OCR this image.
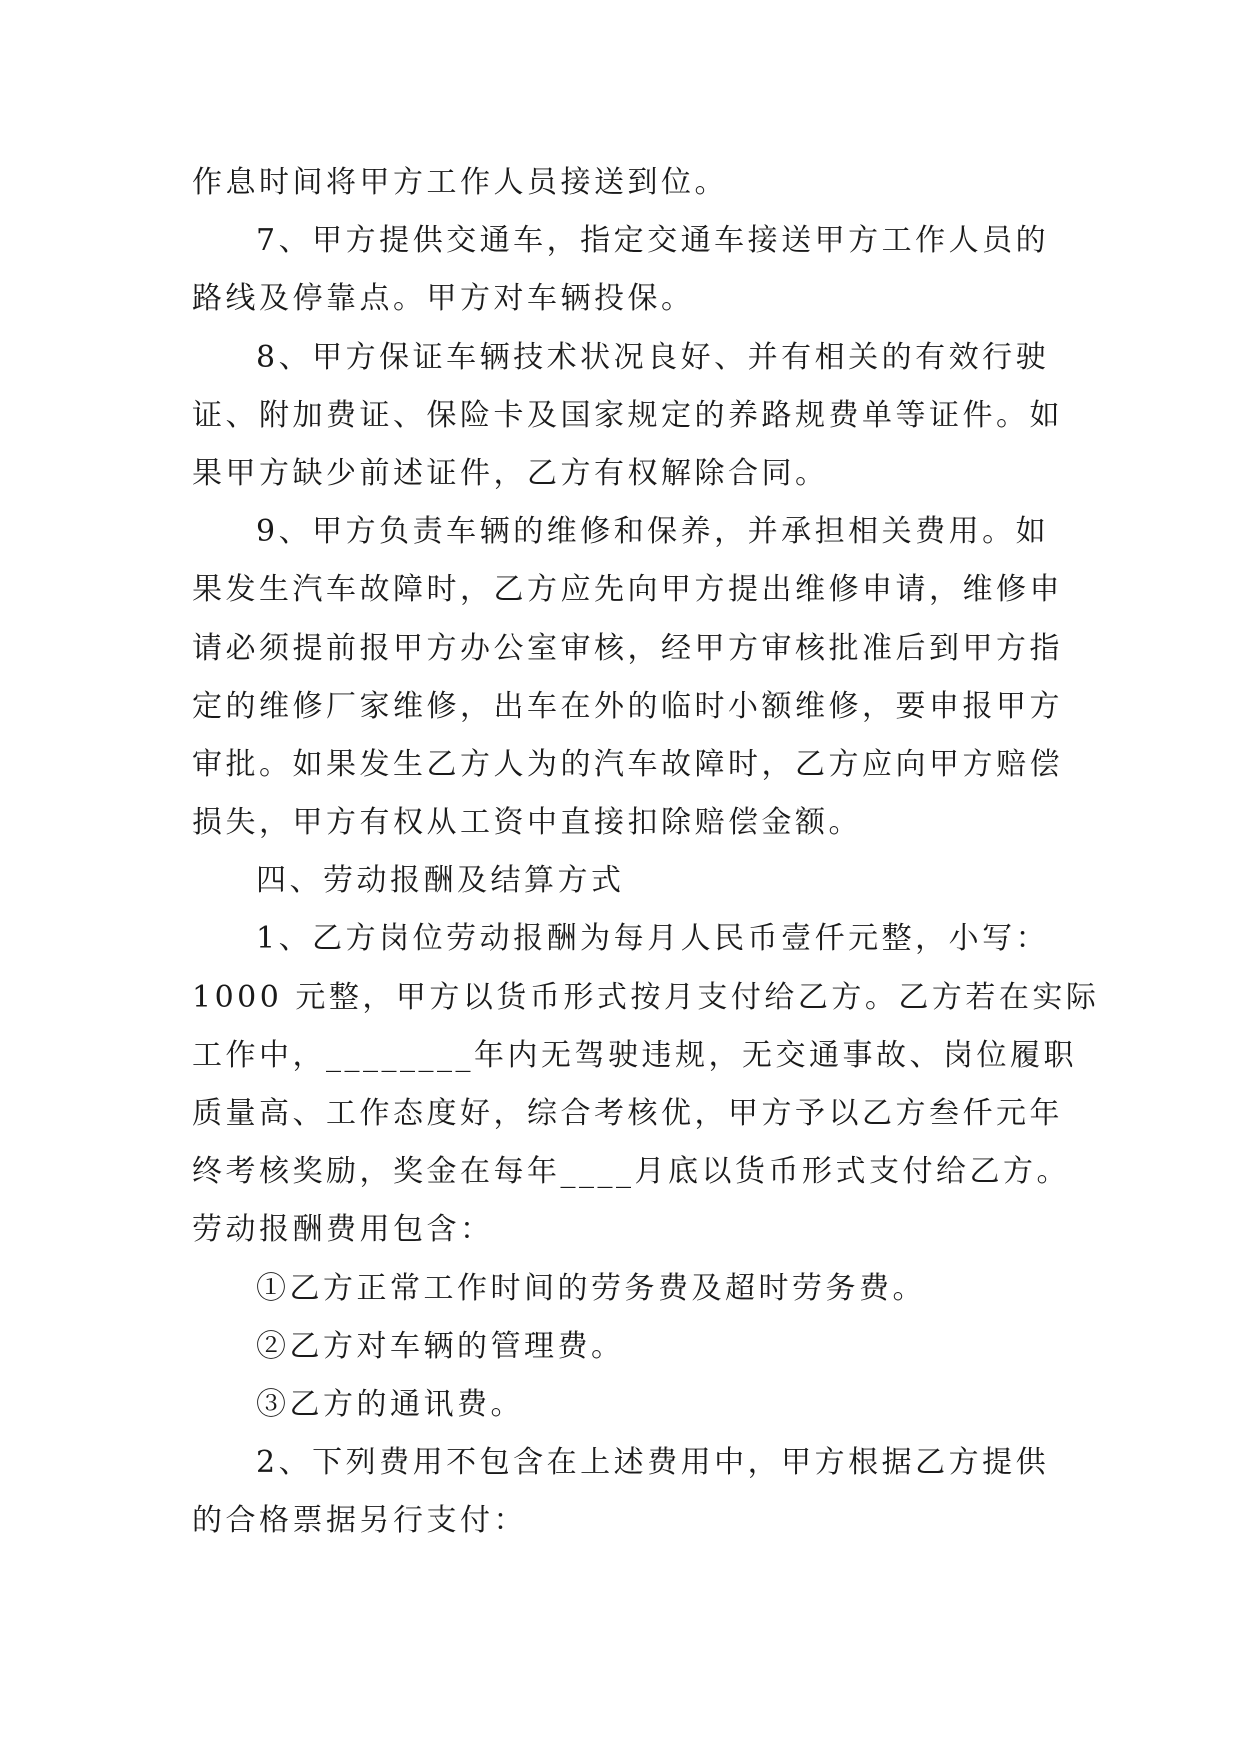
作息时间将甲方工作人员接送到位。
7、甲方提供交通车，指定交通车接送甲方工作人员的
路线及停靠点。甲方对车辆投保。
8、甲方保证车辆技术状况良好、并有相关的有效行驶
证、附加费证、保险卡及国家规定的养路规费单等证件。如
果甲方缺少前述证件，乙方有权解除合同。
9、甲方负责车辆的维修和保养，并承担相关费用。如
果发生汽车故障时，乙方应先向甲方提出维修申请，维修申
请必须提前报甲方办公室审核，经甲方审核批准后到甲方指
定的维修厂家维修，出车在外的临时小额维修，要申报甲方
审批。如果发生乙方人为的汽车故障时，乙方应向甲方赔偿
损失，甲方有权从工资中直接扣除赔偿金额。
四、劳动报酬及结算方式
1、乙方岗位劳动报酬为每月人民币壹仟元整，小写：
1000 元整，甲方以货币形式按月支付给乙方。乙方若在实际
工作中，________年内无驾驶违规，无交通事故、岗位履职
质量高、工作态度好，综合考核优，甲方予以乙方叁仟元年
终考核奖励，奖金在每年____月底以货币形式支付给乙方。
劳动报酬费用包含：
①乙方正常工作时间的劳务费及超时劳务费。
②乙方对车辆的管理费。
③乙方的通讯费。
2、下列费用不包含在上述费用中，甲方根据乙方提供
的合格票据另行支付：
